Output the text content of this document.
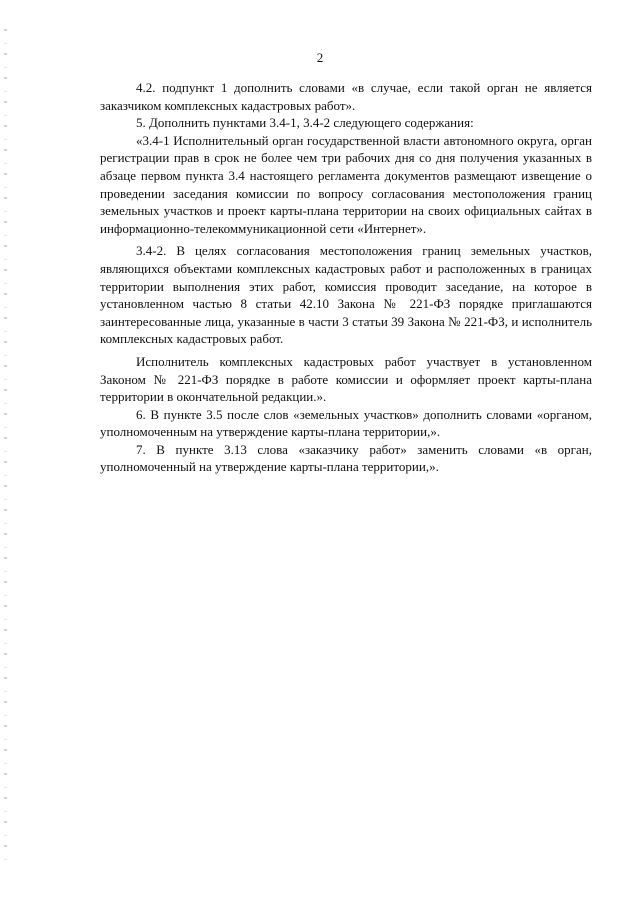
2

4.2. подпункт 1 дополнить словами «в случае, если такой орган не является заказчиком комплексных кадастровых работ».

5. Дополнить пунктами 3.4-1, 3.4-2 следующего содержания:

«3.4-1 Исполнительный орган государственной власти автономного округа, орган регистрации прав в срок не более чем три рабочих дня со дня получения указанных в абзаце первом пункта 3.4 настоящего регламента документов размещают извещение о проведении заседания комиссии по вопросу согласования местоположения границ земельных участков и проект карты-плана территории на своих официальных сайтах в информационно-телекоммуникационной сети «Интернет».

3.4-2. В целях согласования местоположения границ земельных участков, являющихся объектами комплексных кадастровых работ и расположенных в границах территории выполнения этих работ, комиссия проводит заседание, на которое в установленном частью 8 статьи 42.10 Закона № 221-ФЗ порядке приглашаются заинтересованные лица, указанные в части 3 статьи 39 Закона № 221-ФЗ, и исполнитель комплексных кадастровых работ.

Исполнитель комплексных кадастровых работ участвует в установленном Законом № 221-ФЗ порядке в работе комиссии и оформляет проект карты-плана территории в окончательной редакции.».

6. В пункте 3.5 после слов «земельных участков» дополнить словами «органом, уполномоченным на утверждение карты-плана территории,».

7. В пункте 3.13 слова «заказчику работ» заменить словами «в орган, уполномоченный на утверждение карты-плана территории,».
